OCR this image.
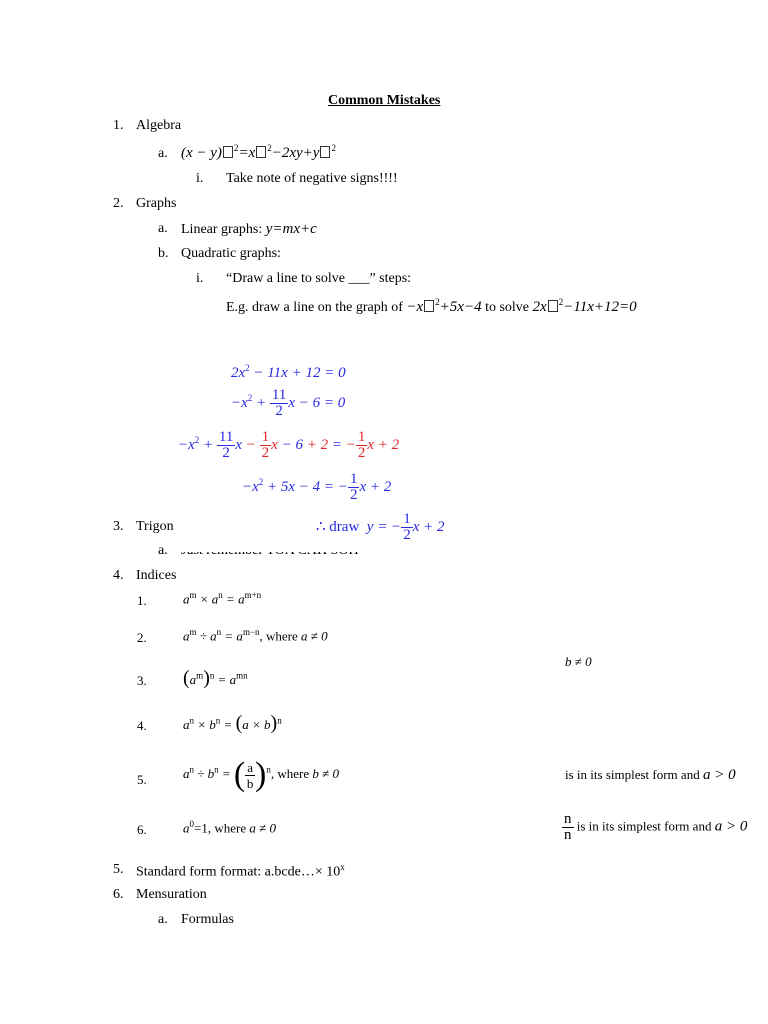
Common Mistakes
1. Algebra
a. (x − y) $^2$=x $^2$−2xy+y $^2$
i. Take note of negative signs!!!!
2. Graphs
a. Linear graphs: y=mx+c
b. Quadratic graphs:
i. “Draw a line to solve ___” steps:
E.g. draw a line on the graph of −x $^2$+5x−4 to solve 2x $^2$−11x+12=0
$2x^2 - 11x + 12 = 0$
$-x^2 + \frac{11}{2}$ x − 6 = 0
$-x^2 + \frac{11}{2}$ $x - \frac{1}{2}$ x − 6 + 2 = − $\frac{1}{2}$ x + 2
$-x^2 + 5x - 4$ = − $\frac{1}{2}$ x + 2
3. Trigon
a.
∴ draw  y = − $\frac{1}{2}$ x + 2
4. Indices
1.	$a^m \times a^n = a^{m+n}$
2.	$a^m \div a^n = a^{m-n}$, where a ≠ 0
3. $(a^m)^n = a^{mn}$
4.	$a^n \times b^n = (a \times b)^n$
5.	$a^n \div b^n$ = ( $\frac{a}{b} )^n$, where b ≠ 0
6.	$a^0=1$, where a ≠ 0
b ≠ 0
is in its simplest form and a > 0
$\frac{n}{n}$ is in its simplest form and a > 0
5. Standard form format: a.bcde…× $10^x$
6. Mensuration
a. Formulas
